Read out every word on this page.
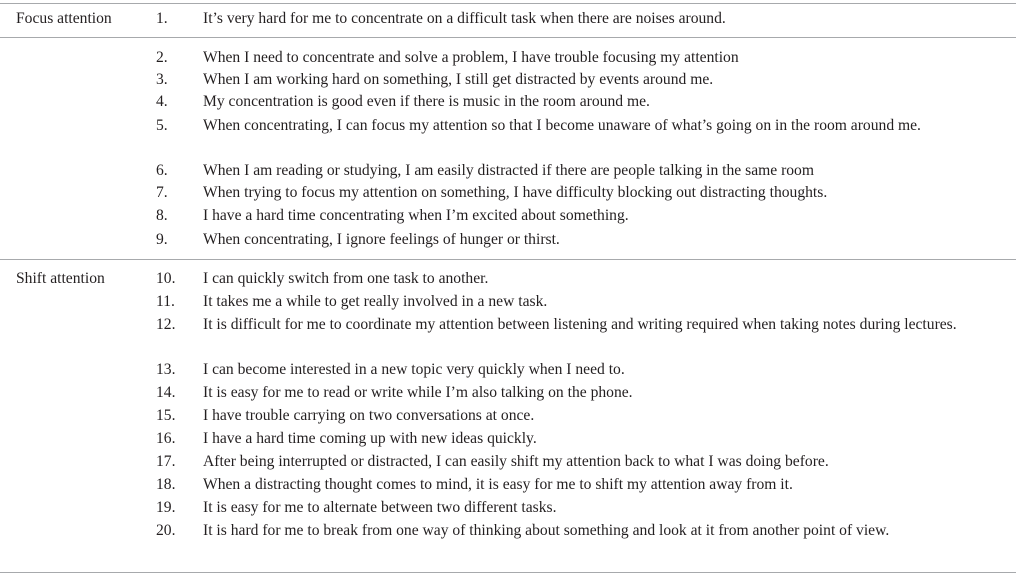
Focus attention	1.	It’s very hard for me to concentrate on a difficult task when there are noises around.
2.	When I need to concentrate and solve a problem, I have trouble focusing my attention
3.	When I am working hard on something, I still get distracted by events around me.
4.	My concentration is good even if there is music in the room around me.
5.	When concentrating, I can focus my attention so that I become unaware of what’s going on in the room around me.
6.	When I am reading or studying, I am easily distracted if there are people talking in the same room
7.	When trying to focus my attention on something, I have difficulty blocking out distracting thoughts.
8.	I have a hard time concentrating when I’m excited about something.
9.	When concentrating, I ignore feelings of hunger or thirst.
Shift attention	10.	I can quickly switch from one task to another.
11.	It takes me a while to get really involved in a new task.
12.	It is difficult for me to coordinate my attention between listening and writing required when taking notes during lectures.
13.	I can become interested in a new topic very quickly when I need to.
14.	It is easy for me to read or write while I’m also talking on the phone.
15.	I have trouble carrying on two conversations at once.
16.	I have a hard time coming up with new ideas quickly.
17.	After being interrupted or distracted, I can easily shift my attention back to what I was doing before.
18.	When a distracting thought comes to mind, it is easy for me to shift my attention away from it.
19.	It is easy for me to alternate between two different tasks.
20.	It is hard for me to break from one way of thinking about something and look at it from another point of view.
